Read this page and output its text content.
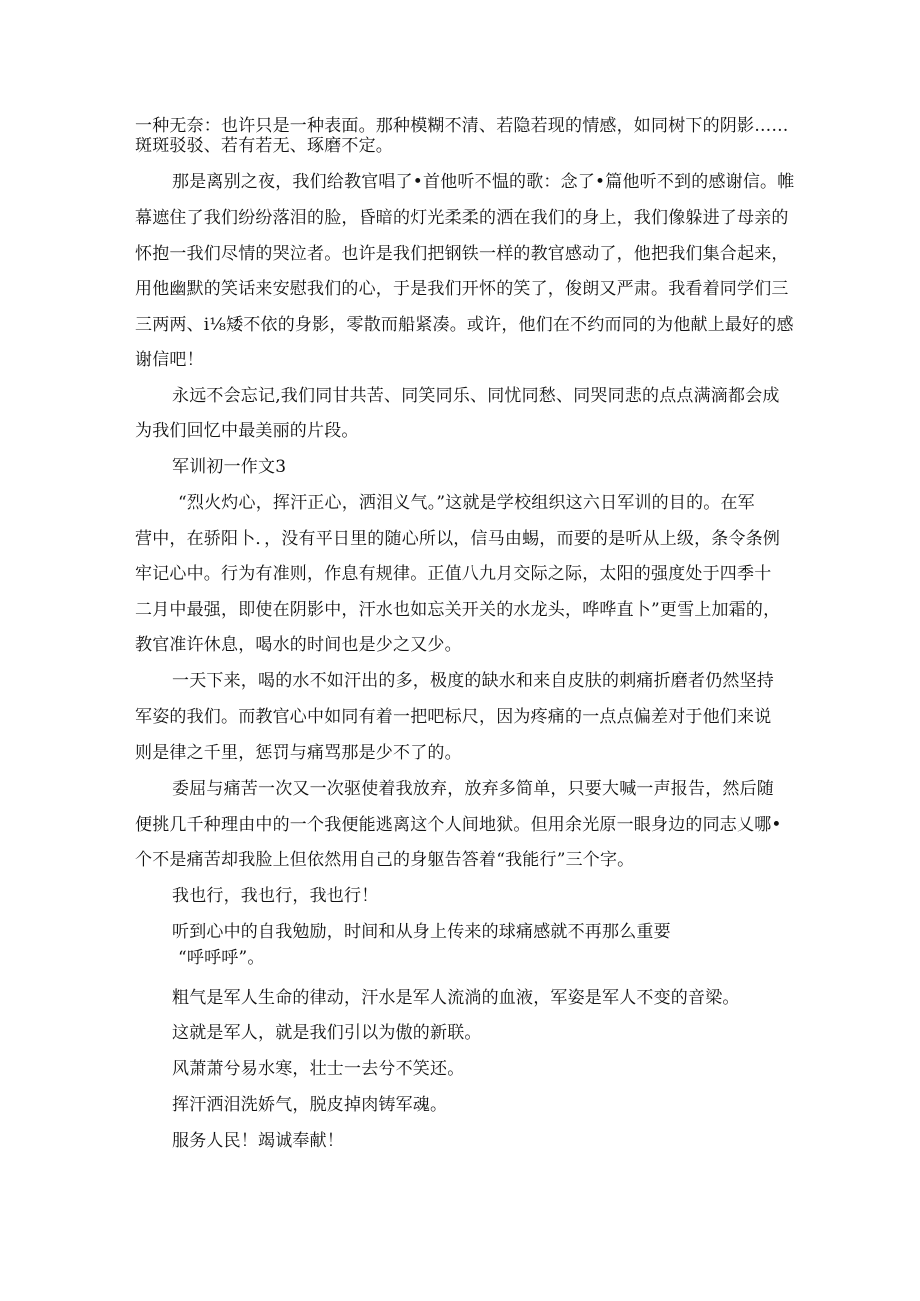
一种无奈：也许只是一种表面。那种模糊不清、若隐若现的情感，如同树下的阴影……
斑斑驳驳、若有若无、琢磨不定。
那是离别之夜，我们给教官唱了•首他听不愠的歌：念了•篇他听不到的感谢信。帷
幕遮住了我们纷纷落泪的脸，昏暗的灯光柔柔的洒在我们的身上，我们像躲进了母亲的
怀抱一我们尽情的哭泣者。也许是我们把钢铁一样的教官感动了，他把我们集合起来，
用他幽默的笑话来安慰我们的心，于是我们开怀的笑了，俊朗又严肃。我看着同学们三
三两两、i⅛矮不依的身影，零散而船紧凑。或许，他们在不约而同的为他献上最好的感
谢信吧！
永远不会忘记,我们同甘共苦、同笑同乐、同忧同愁、同哭同悲的点点满滴都会成
为我们回忆中最美丽的片段。
军训初一作文3
“烈火灼心，挥汗正心，洒泪义气。”这就是学校组织这六日军训的目的。在军
营中，在骄阳卜．，没有平日里的随心所以，信马由蜴，而要的是听从上级，条令条例
牢记心中。行为有准则，作息有规律。正值八九月交际之际，太阳的强度处于四季十
二月中最强，即使在阴影中，汗水也如忘关开关的水龙头，哗哗直卜”更雪上加霜的，
教官准许休息，喝水的时间也是少之又少。
一天下来，喝的水不如汗出的多，极度的缺水和来自皮肤的刺痛折磨者仍然坚持
军姿的我们。而教官心中如同有着一把吧标尺，因为疼痛的一点点偏差对于他们来说
则是律之千里，惩罚与痛骂那是少不了的。
委屈与痛苦一次又一次驱使着我放弃，放弃多简单，只要大喊一声报告，然后随
便挑几千种理由中的一个我便能逃离这个人间地狱。但用余光原一眼身边的同志乂哪•
个不是痛苦却我脸上但依然用自己的身躯告答着“我能行”三个字。
我也行，我也行，我也行！
听到心中的自我勉励，时间和从身上传来的球痛感就不再那么重要
“呼呼呼”。
粗气是军人生命的律动，汗水是军人流淌的血液，军姿是军人不变的音梁。
这就是军人，就是我们引以为傲的新联。
风萧萧兮易水寒，壮士一去兮不笑还。
挥汗洒泪洗娇气，脱皮掉肉铸军魂。
服务人民！竭诚奉献！
